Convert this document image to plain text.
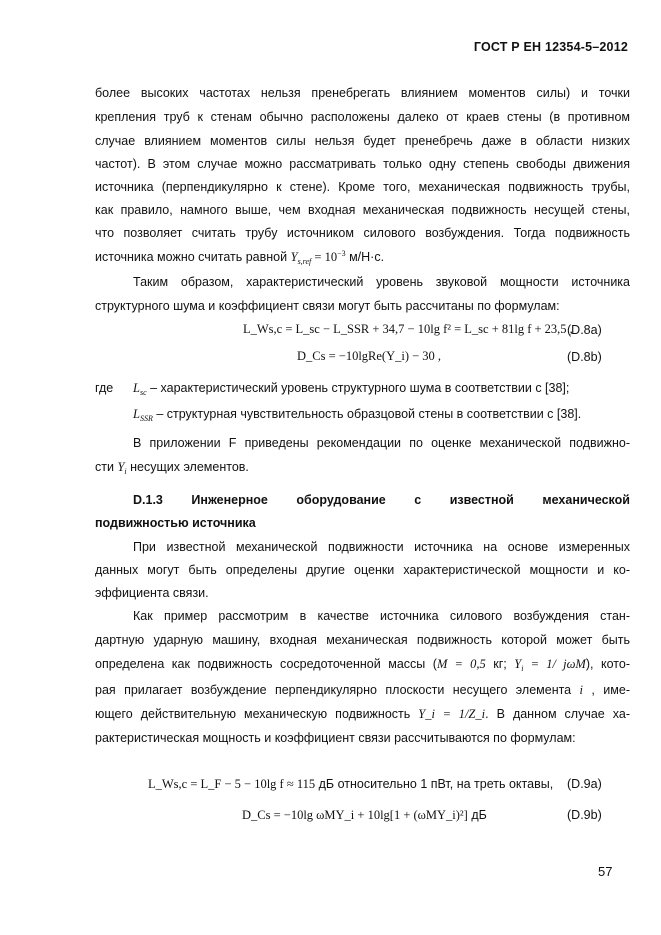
ГОСТ Р ЕН 12354-5–2012
более высоких частотах нельзя пренебрегать влиянием моментов силы) и точки
крепления труб к стенам обычно расположены далеко от краев стены (в противном
случае влиянием моментов силы нельзя будет пренебречь даже в области низких
частот). В этом случае можно рассматривать только одну степень свободы движения
источника (перпендикулярно к стене). Кроме того, механическая подвижность трубы,
как правило, намного выше, чем входная механическая подвижность несущей стены,
что позволяет считать трубу источником силового возбуждения. Тогда подвижность
источника можно считать равной $Y_{s,ref} = 10^{-3}$ м/Н·с.
Таким образом, характеристический уровень звуковой мощности источника
структурного шума и коэффициент связи могут быть рассчитаны по формулам:
L_Ws,c = L_sc − L_SSR + 34,7 − 10lg f² = L_sc + 81lg f + 23,5 ,
(D.8a)
D_Cs = −10lgRe(Y_i) − 30 ,	(D.8b)
где $L_{sc}$ – характеристический уровень структурного шума в соответствии с [38];
$L_{SSR}$ – структурная чувствительность образцовой стены в соответствии с [38].
В приложении F приведены рекомендации по оценке механической подвижно-
сти $Y_i$ несущих элементов.
D.1.3 Инженерное оборудование с известной механической
подвижностью источника
При известной механической подвижности источника на основе измеренных
данных могут быть определены другие оценки характеристической мощности и ко-
эффициента связи.
Как пример рассмотрим в качестве источника силового возбуждения стан-
дартную ударную машину, входная механическая подвижность которой может быть
определена как подвижность сосредоточенной массы (M = 0,5 кг; $Y_i = 1/$ jωM), кото-
рая прилагает возбуждение перпендикулярно плоскости несущего элемента i , име-
ющего действительную механическую подвижность Y_i = 1/Z_i. В данном случае ха-
рактеристическая мощность и коэффициент связи рассчитываются по формулам:
L_Ws,c = L_F − 5 − 10lg f ≈ 115 дБ относительно 1 пВт, на треть октавы, (D.9a)
D_Cs = −10lg ωMY_i + 10lg[1 + (ωMY_i)²] дБ	(D.9b)
57
